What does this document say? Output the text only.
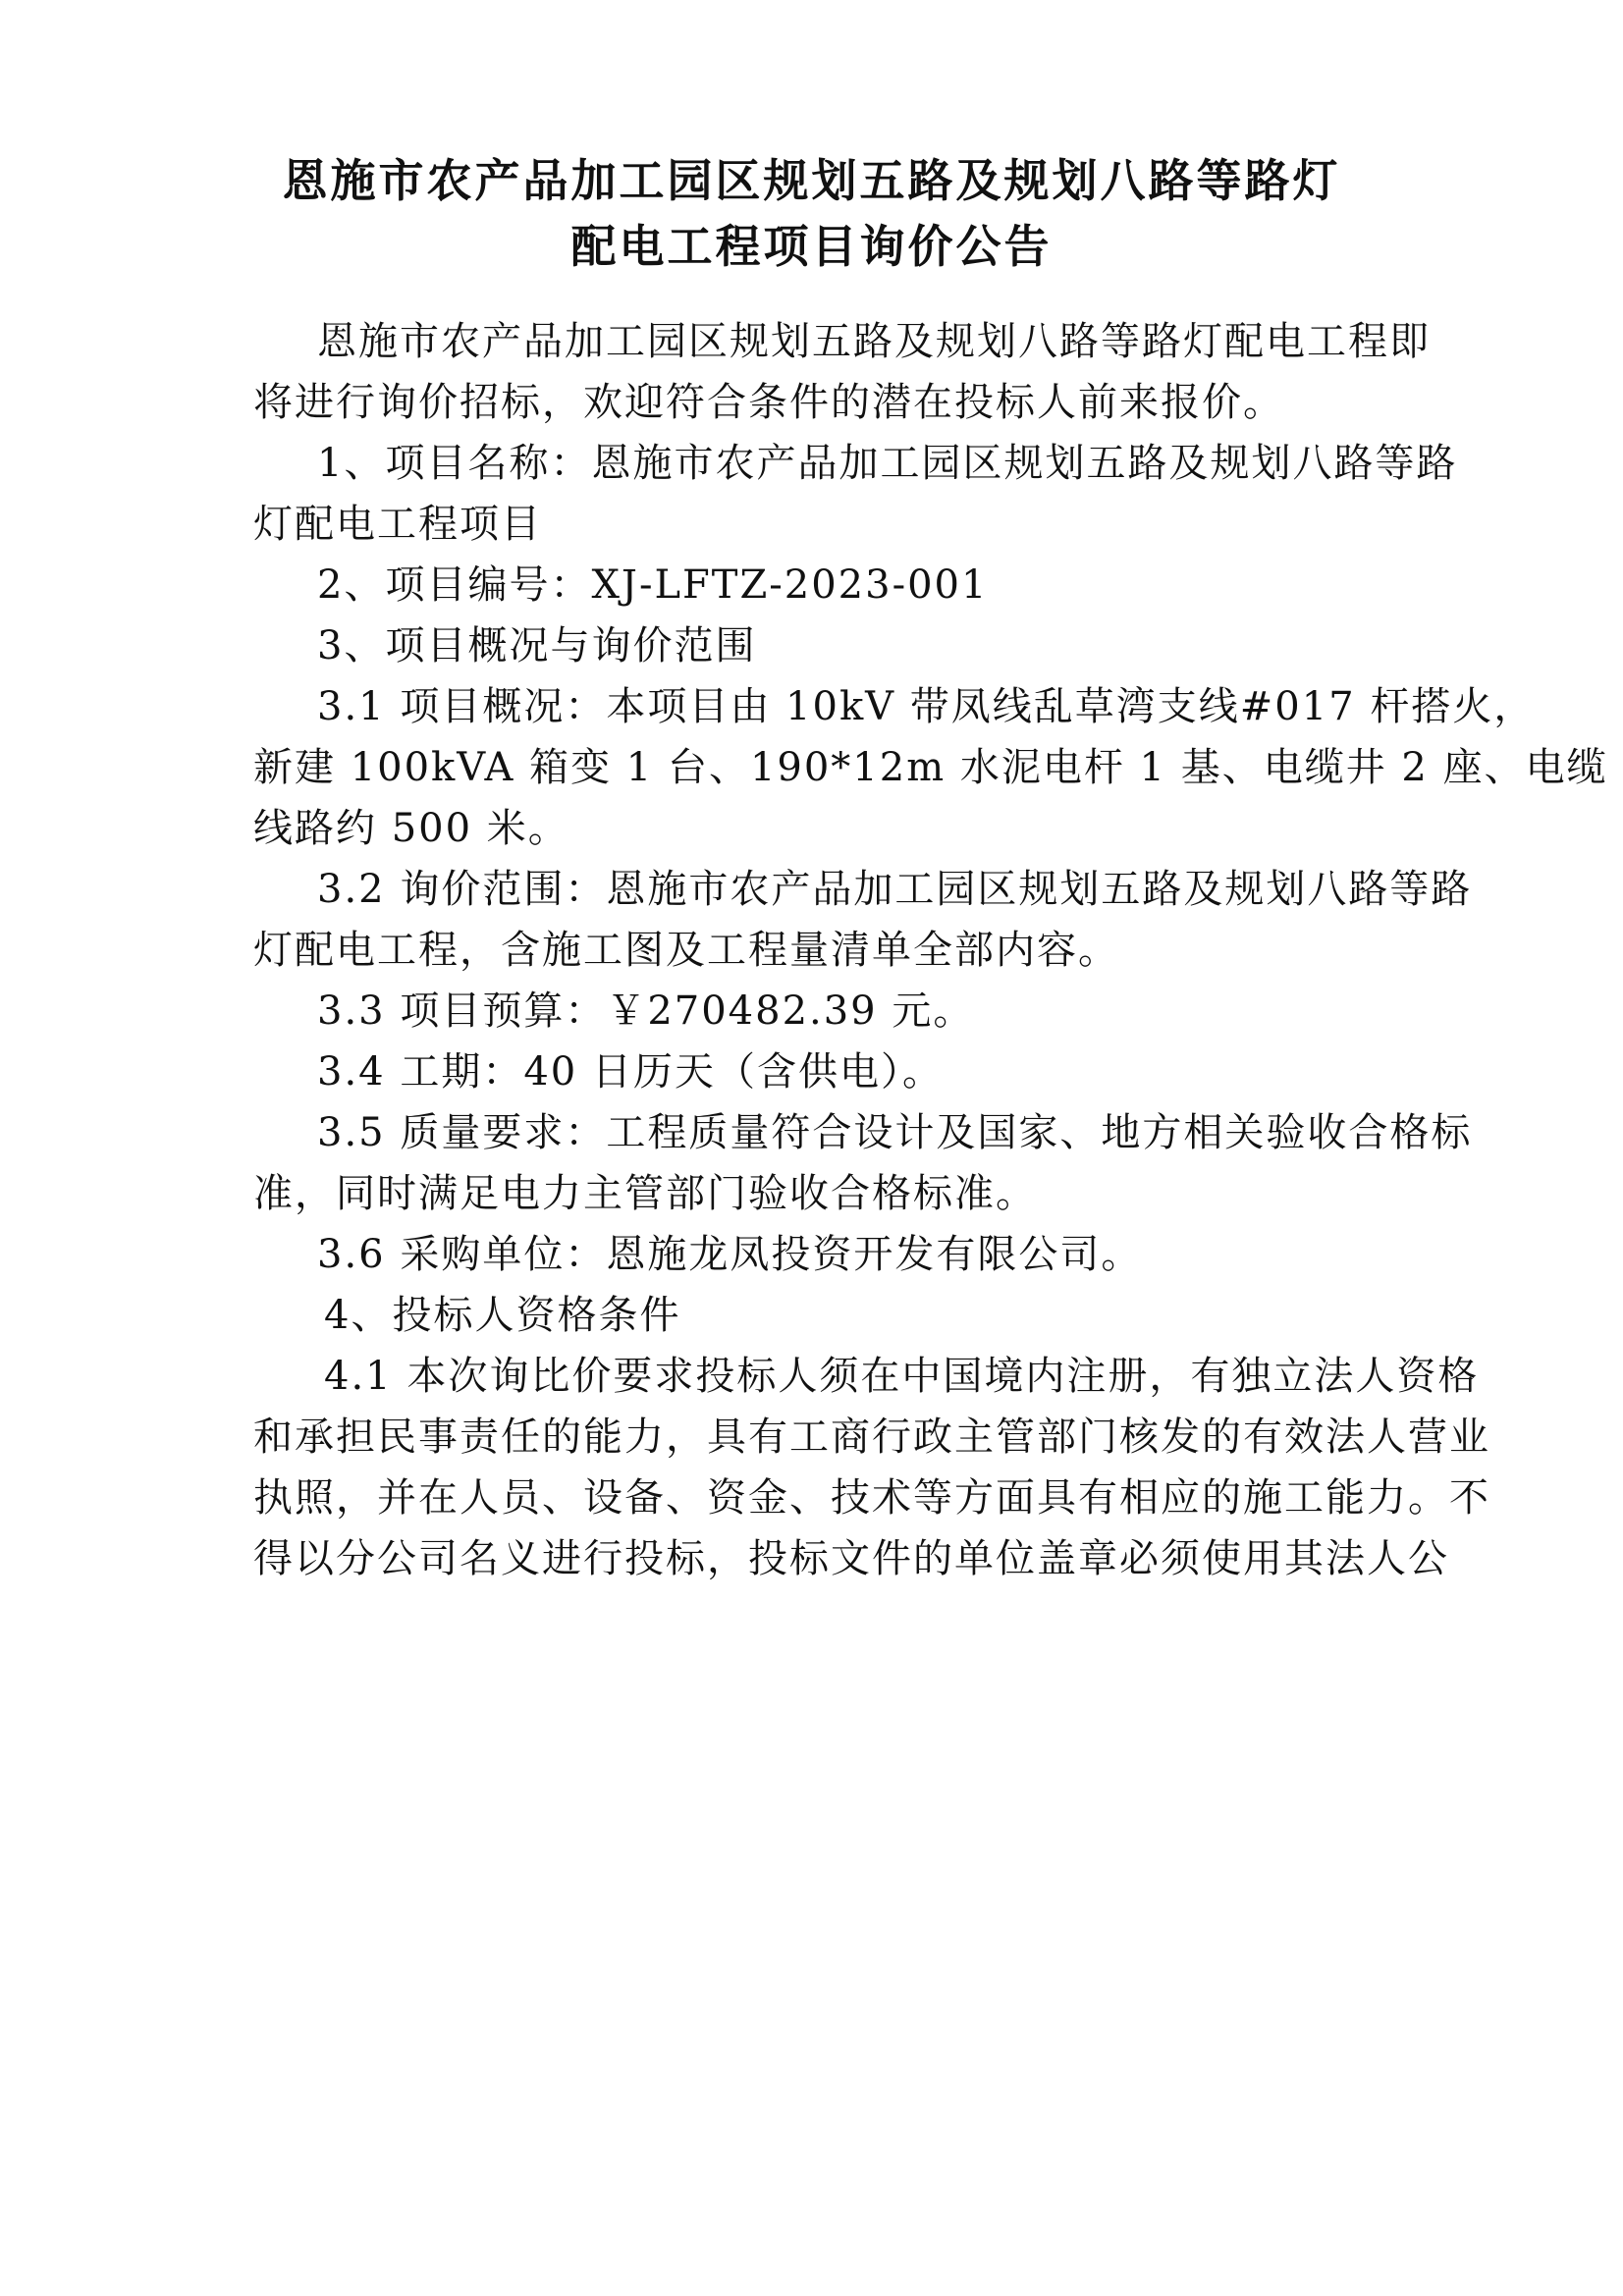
恩施市农产品加工园区规划五路及规划八路等路灯
配电工程项目询价公告
恩施市农产品加工园区规划五路及规划八路等路灯配电工程即
将进行询价招标，欢迎符合条件的潜在投标人前来报价。
1、项目名称：恩施市农产品加工园区规划五路及规划八路等路
灯配电工程项目
2、项目编号：XJ-LFTZ-2023-001
3、项目概况与询价范围
3.1 项目概况：本项目由 10kV 带凤线乱草湾支线#017 杆搭火，
新建 100kVA 箱变 1 台、190*12m 水泥电杆 1 基、电缆井 2 座、电缆
线路约 500 米。
3.2 询价范围：恩施市农产品加工园区规划五路及规划八路等路
灯配电工程，含施工图及工程量清单全部内容。
3.3 项目预算：￥270482.39 元。
3.4 工期：40 日历天（含供电）。
3.5 质量要求：工程质量符合设计及国家、地方相关验收合格标
准，同时满足电力主管部门验收合格标准。
3.6 采购单位：恩施龙凤投资开发有限公司。
4、投标人资格条件
4.1 本次询比价要求投标人须在中国境内注册，有独立法人资格
和承担民事责任的能力，具有工商行政主管部门核发的有效法人营业
执照，并在人员、设备、资金、技术等方面具有相应的施工能力。不
得以分公司名义进行投标，投标文件的单位盖章必须使用其法人公
